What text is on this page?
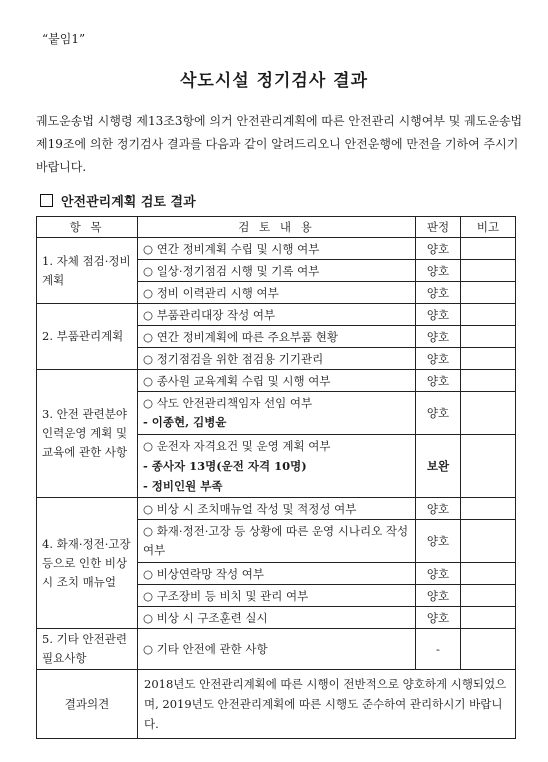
“붙임1”
삭도시설 정기검사 결과

궤도운송법 시행령 제13조3항에 의거 안전관리계획에 따른 안전관리 시행여부 및 궤도운송법 제19조에 의한 정기검사 결과를 다음과 같이 알려드리오니 안전운행에 만전을 기하여 주시기 바랍니다.

안전관리계획 검토 결과
항 목	검 토 내 용	판정	비고
1. 자체 점검·정비 계획	○ 연간 정비계획 수립 및 시행 여부	양호	
	○ 일상·정기점검 시행 및 기록 여부	양호	
	○ 정비 이력관리 시행 여부	양호	
2. 부품관리계획	○ 부품관리대장 작성 여부	양호	
	○ 연간 정비계획에 따른 주요부품 현황	양호	
	○ 정기점검을 위한 점검용 기기관리	양호	
3. 안전 관련분야 인력운영 계획 및 교육에 관한 사항	○ 종사원 교육계획 수립 및 시행 여부	양호	

	○ 삭도 안전관리책임자 선임 여부
- 이종현, 김병윤	양호	

	○ 운전자 자격요건 및 운영 계획 여부
- 종사자 13명(운전 자격 10명)
- 정비인원 부족	보완	
4. 화재·정전·고장 등으로 인한 비상 시 조치 매뉴얼	○ 비상 시 조치매뉴얼 작성 및 적정성 여부	양호	
	○ 화재·정전·고장 등 상황에 따른 운영 시나리오 작성 여부	양호	
	○ 비상연락망 작성 여부	양호	
	○ 구조장비 등 비치 및 관리 여부	양호	
	○ 비상 시 구조훈련 실시	양호	
5. 기타 안전관련 필요사항	○ 기타 안전에 관한 사항	-	
결과의견	2018년도 안전관리계획에 따른 시행이 전반적으로 양호하게 시행되었으며, 2019년도 안전관리계획에 따른 시행도 준수하여 관리하시기 바랍니다.		
